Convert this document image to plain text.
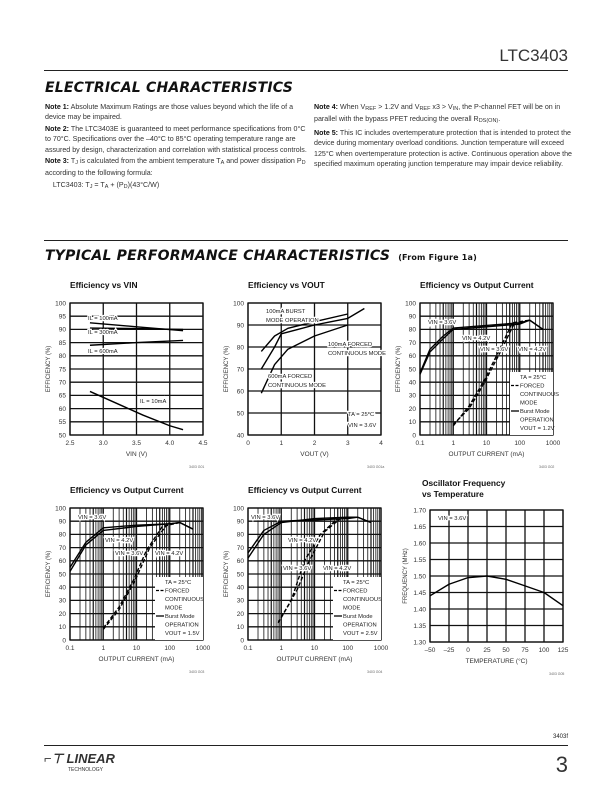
LTC3403
ELECTRICAL CHARACTERISTICS

Note 1: Absolute Maximum Ratings are those values beyond which the life of a device may be impaired.

Note 2: The LTC3403E is guaranteed to meet performance specifications from 0°C to 70°C. Specifications over the –40°C to 85°C operating temperature range are assured by design, characterization and correlation with statistical process controls.

Note 3: $T_J$ is calculated from the ambient temperature $T_A$ and power dissipation $P_D$ according to the following formula:

LTC3403: $T_J = T_A + (P_D)(43^\circ C/W)$

Note 4: When $V_{REF} > 1.2V$ and $V_{REF}$ $x3 > V_{IN}$, the P-channel FET will be on in parallel with the bypass PFET reducing the overall $R_{DS(ON)}$.

Note 5: This IC includes overtemperature protection that is intended to protect the device during momentary overload conditions. Junction temperature will exceed 125°C when overtemperature protection is active. Continuous operation above the specified maximum operating junction temperature may impair device reliability.

TYPICAL PERFORMANCE CHARACTERISTICS (From Figure 1a)
Efficiency vs VIN
2.5	3.0	3.5	4.0	4.5
50
55
60
65
70
75
80
85
90
95
100
VIN (V)
EFFICIENCY (%)
3403 G01
IL = 100mA
IL = 300mA
IL = 600mA
IL = 10mA
Efficiency vs VOUT
0	1	2	3	4
40
50
60
70
80
90
100
VOUT (V)
EFFICIENCY (%)
3403 G01a
100mA BURST
MODE OPERATION
100mA FORCED
CONTINUOUS MODE
600mA FORCED
CONTINUOUS MODE
TA = 25°C
VIN = 3.6V
Efficiency vs Output Current
0.1	1	10	100	1000
0
10
20
30
40
50
60
70
80
90
100
OUTPUT CURRENT (mA)
EFFICIENCY (%)
3403 G02
VIN = 3.6V
VIN = 4.2V
VIN = 3.6V VIN = 4.2V
TA = 25°C
FORCED
CONTINUOUS
MODE
Burst Mode
OPERATION
VOUT = 1.2V
Efficiency vs Output Current
0.1	1	10	100	1000
0
10
20
30
40
50
60
70
80
90
100
OUTPUT CURRENT (mA)
EFFICIENCY (%)
3403 G03
VIN = 3.6V
VIN = 4.2V
VIN = 3.6V VIN = 4.2V
TA = 25°C
FORCED
CONTINUOUS
MODE
Burst Mode
OPERATION
VOUT = 1.5V
Efficiency vs Output Current
0.1	1	10	100	1000
0
10
20
30
40
50
60
70
80
90
100
OUTPUT CURRENT (mA)
EFFICIENCY (%)
3403 G04
VIN = 3.6V
VIN = 4.2V
VIN = 3.6V VIN = 4.2V
TA = 25°C
FORCED
CONTINUOUS
MODE
Burst Mode
OPERATION
VOUT = 2.5V
Oscillator Frequency
vs Temperature
–50 –25 0 25 50 75 100 125
1.30
1.35
1.40
1.45
1.50
1.55
1.60
1.65
1.70
TEMPERATURE (°C)
FREQUENCY (MHz)
3403 G05
VIN = 3.6V
3403f
⌐⊤ LINEAR
TECHNOLOGY	3
